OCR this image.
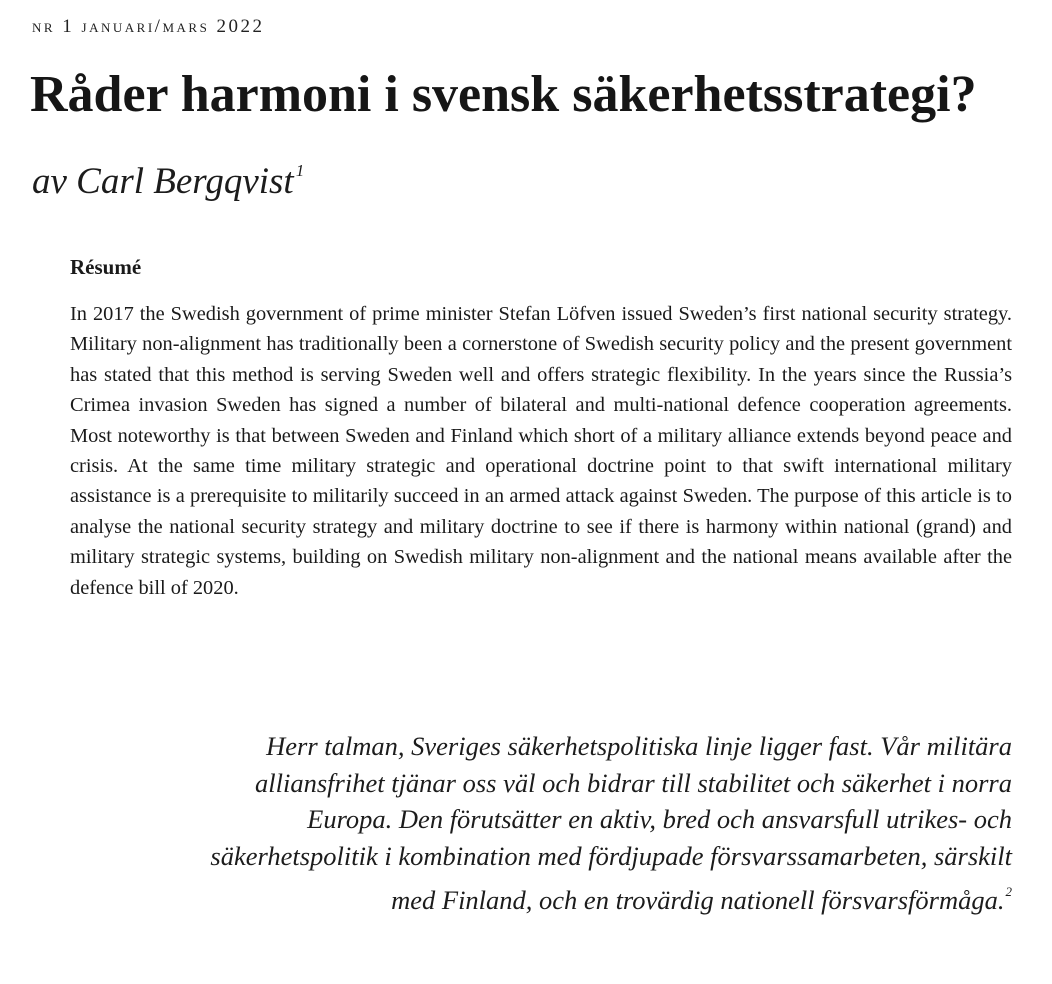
nr 1 januari/mars 2022
Råder harmoni i svensk säkerhetsstrategi?
av Carl Bergqvist $^1$
Résumé

In 2017 the Swedish government of prime minister Stefan Löfven issued Sweden’s first national security strategy. Military non-alignment has traditionally been a cornerstone of Swedish security policy and the present government has stated that this method is serving Sweden well and offers strategic flexibility. In the years since the Russia’s Crimea invasion Sweden has signed a number of bilateral and multi-national defence cooperation agreements. Most noteworthy is that between Sweden and Finland which short of a military alliance extends beyond peace and crisis. At the same time military strategic and operational doctrine point to that swift international military assistance is a prerequisite to militarily succeed in an armed attack against Sweden. The purpose of this article is to analyse the national security strategy and military doctrine to see if there is harmony within national (grand) and military strategic systems, building on Swedish military non-alignment and the national means available after the defence bill of 2020.

Herr talman, Sveriges säkerhetspolitiska linje ligger fast. Vår militära alliansfrihet tjänar oss väl och bidrar till stabilitet och säkerhet i norra Europa. Den förutsätter en aktiv, bred och ansvarsfull utrikes- och säkerhetspolitik i kombination med fördjupade försvarssamarbeten, särskilt med Finland, och en trovärdig nationell försvarsförmåga.$^2$
